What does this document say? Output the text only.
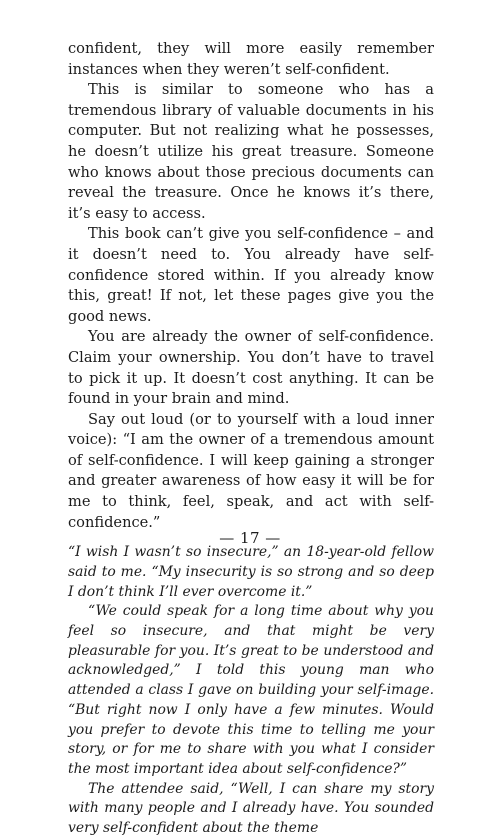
confident, they will more easily remember instances when they weren’t self-confident.

This is similar to someone who has a tremendous library of valuable documents in his computer. But not realizing what he possesses, he doesn’t utilize his great treasure. Someone who knows about those precious documents can reveal the treasure. Once he knows it’s there, it’s easy to access.

This book can’t give you self-confidence – and it doesn’t need to. You already have self-confidence stored within. If you already know this, great! If not, let these pages give you the good news.

You are already the owner of self-confidence. Claim your ownership. You don’t have to travel to pick it up. It doesn’t cost anything. It can be found in your brain and mind.

Say out loud (or to yourself with a loud inner voice): “I am the owner of a tremendous amount of self-confidence. I will keep gaining a stronger and greater awareness of how easy it will be for me to think, feel, speak, and act with self-confidence.”

“I wish I wasn’t so insecure,” an 18-year-old fellow said to me. “My insecurity is so strong and so deep I don’t think I’ll ever overcome it.”

“We could speak for a long time about why you feel so insecure, and that might be very pleasurable for you. It’s great to be understood and acknowledged,” I told this young man who attended a class I gave on building your self-image. “But right now I only have a few minutes. Would you prefer to devote this time to telling me your story, or for me to share with you what I consider the most important idea about self-confidence?”

The attendee said, “Well, I can share my story with many people and I already have. You sounded very self-confident about the theme

— 17 —
